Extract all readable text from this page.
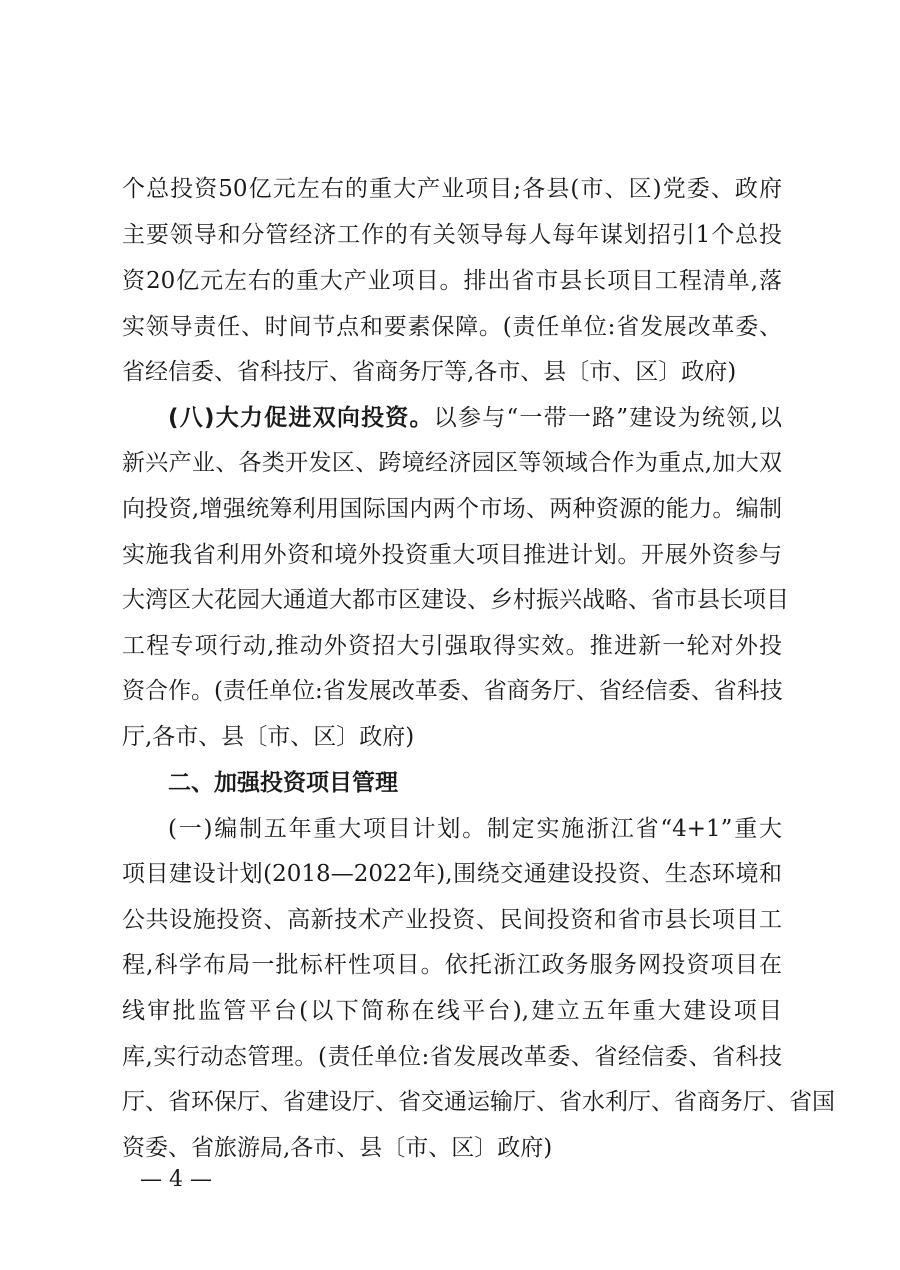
个总投资50亿元左右的重大产业项目;各县(市、区)党委、政府
主要领导和分管经济工作的有关领导每人每年谋划招引1个总投
资20亿元左右的重大产业项目。排出省市县长项目工程清单,落
实领导责任、时间节点和要素保障。(责任单位:省发展改革委、
省经信委、省科技厅、省商务厅等,各市、县〔市、区〕政府)
(八)大力促进双向投资。以参与“一带一路”建设为统领,以
新兴产业、各类开发区、跨境经济园区等领域合作为重点,加大双
向投资,增强统筹利用国际国内两个市场、两种资源的能力。编制
实施我省利用外资和境外投资重大项目推进计划。开展外资参与
大湾区大花园大通道大都市区建设、乡村振兴战略、省市县长项目
工程专项行动,推动外资招大引强取得实效。推进新一轮对外投
资合作。(责任单位:省发展改革委、省商务厅、省经信委、省科技
厅,各市、县〔市、区〕政府)
二、加强投资项目管理
(一)编制五年重大项目计划。制定实施浙江省“4+1”重大
项目建设计划(2018—2022年),围绕交通建设投资、生态环境和
公共设施投资、高新技术产业投资、民间投资和省市县长项目工
程,科学布局一批标杆性项目。依托浙江政务服务网投资项目在
线审批监管平台(以下简称在线平台),建立五年重大建设项目
库,实行动态管理。(责任单位:省发展改革委、省经信委、省科技
厅、省环保厅、省建设厅、省交通运输厅、省水利厅、省商务厅、省国
资委、省旅游局,各市、县〔市、区〕政府)
— 4 —
